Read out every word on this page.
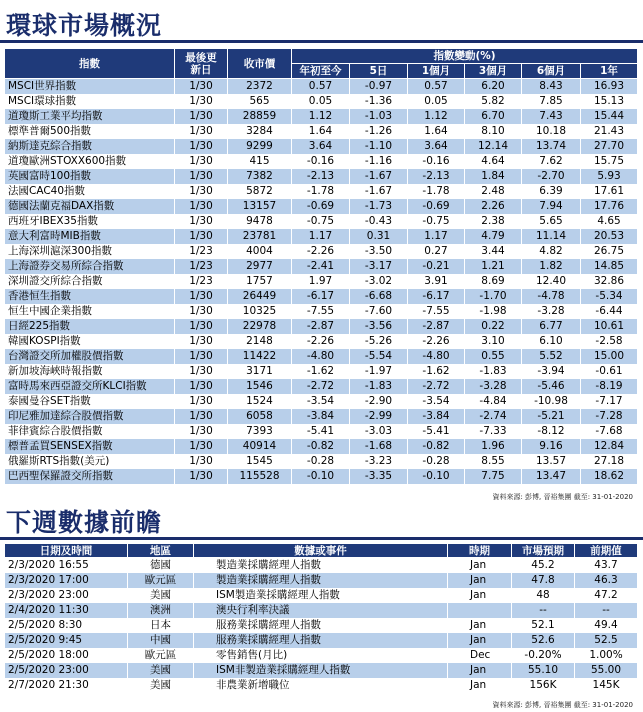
環球市場概況
指數	最後更新日	收市價	指數變動(%)					
			年初至今	5日	1個月	3個月	6個月	1年
MSCI世界指數	1/30	2372	0.57	-0.97	0.57	6.20	8.43	16.93
MSCI環球指數	1/30	565	0.05	-1.36	0.05	5.82	7.85	15.13
道瓊斯工業平均指數	1/30	28859	1.12	-1.03	1.12	6.70	7.43	15.44
標準普爾500指數	1/30	3284	1.64	-1.26	1.64	8.10	10.18	21.43
納斯達克綜合指數	1/30	9299	3.64	-1.10	3.64	12.14	13.74	27.70
道瓊歐洲STOXX600指數	1/30	415	-0.16	-1.16	-0.16	4.64	7.62	15.75
英國富時100指數	1/30	7382	-2.13	-1.67	-2.13	1.84	-2.70	5.93
法國CAC40指數	1/30	5872	-1.78	-1.67	-1.78	2.48	6.39	17.61
德國法蘭克福DAX指數	1/30	13157	-0.69	-1.73	-0.69	2.26	7.94	17.76
西班牙IBEX35指數	1/30	9478	-0.75	-0.43	-0.75	2.38	5.65	4.65
意大利富時MIB指數	1/30	23781	1.17	0.31	1.17	4.79	11.14	20.53
上海深圳滬深300指數	1/23	4004	-2.26	-3.50	0.27	3.44	4.82	26.75
上海證券交易所綜合指數	1/23	2977	-2.41	-3.17	-0.21	1.21	1.82	14.85
深圳證交所綜合指數	1/23	1757	1.97	-3.02	3.91	8.69	12.40	32.86
香港恒生指數	1/30	26449	-6.17	-6.68	-6.17	-1.70	-4.78	-5.34
恒生中國企業指數	1/30	10325	-7.55	-7.60	-7.55	-1.98	-3.28	-6.44
日經225指數	1/30	22978	-2.87	-3.56	-2.87	0.22	6.77	10.61
韓國KOSPI指數	1/30	2148	-2.26	-5.26	-2.26	3.10	6.10	-2.58
台灣證交所加權股價指數	1/30	11422	-4.80	-5.54	-4.80	0.55	5.52	15.00
新加坡海峽時報指數	1/30	3171	-1.62	-1.97	-1.62	-1.83	-3.94	-0.61
富時馬來西亞證交所KLCI指數	1/30	1546	-2.72	-1.83	-2.72	-3.28	-5.46	-8.19
泰國曼谷SET指數	1/30	1524	-3.54	-2.90	-3.54	-4.84	-10.98	-7.17
印尼雅加達綜合股價指數	1/30	6058	-3.84	-2.99	-3.84	-2.74	-5.21	-7.28
菲律賓綜合股價指數	1/30	7393	-5.41	-3.03	-5.41	-7.33	-8.12	-7.68
標普孟買SENSEX指數	1/30	40914	-0.82	-1.68	-0.82	1.96	9.16	12.84
俄羅斯RTS指數(美元)	1/30	1545	-0.28	-3.23	-0.28	8.55	13.57	27.18
巴西聖保羅證交所指數	1/30	115528	-0.10	-3.35	-0.10	7.75	13.47	18.62
資料來源: 彭博, 晉裕集團 截至: 31-01-2020
下週數據前瞻
日期及時間	地區	數據或事件	時期	市場預期	前期值
2/3/2020 16:55	德國	製造業採購經理人指數	Jan	45.2	43.7
2/3/2020 17:00	歐元區	製造業採購經理人指數	Jan	47.8	46.3
2/3/2020 23:00	美國	ISM製造業採購經理人指數	Jan	48	47.2
2/4/2020 11:30	澳洲	澳央行利率決議		--	--
2/5/2020 8:30	日本	服務業採購經理人指數	Jan	52.1	49.4
2/5/2020 9:45	中國	服務業採購經理人指數	Jan	52.6	52.5
2/5/2020 18:00	歐元區	零售銷售(月比)	Dec	-0.20%	1.00%
2/5/2020 23:00	美國	ISM非製造業採購經理人指數	Jan	55.10	55.00
2/7/2020 21:30	美國	非農業新增職位	Jan	156K	145K
資料來源: 彭博, 晉裕集團 截至: 31-01-2020
